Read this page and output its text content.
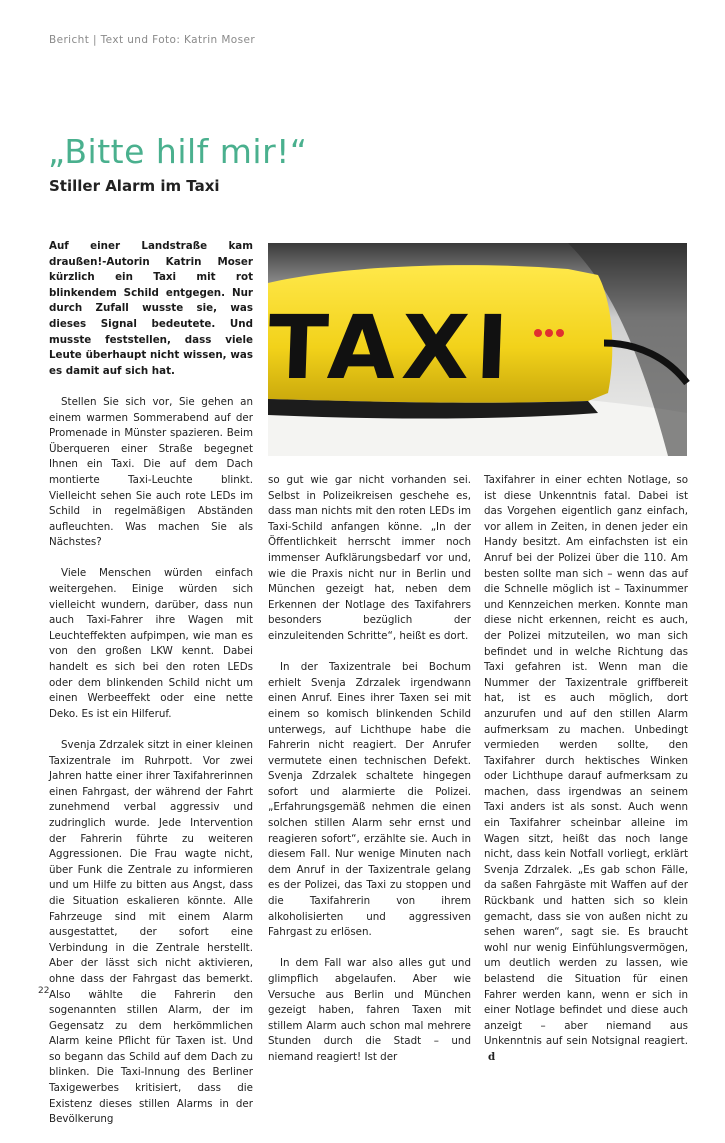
Bericht | Text und Foto: Katrin Moser
„Bitte hilf mir!“
Stiller Alarm im Taxi

Auf einer Landstraße kam draußen!-Autorin Katrin Moser kürzlich ein Taxi mit rot blinkendem Schild entgegen. Nur durch Zufall wusste sie, was dieses Signal bedeutete. Und musste feststellen, dass viele Leute überhaupt nicht wissen, was es damit auf sich hat.

Stellen Sie sich vor, Sie gehen an einem warmen Sommerabend auf der Promenade in Münster spazieren. Beim Überqueren einer Straße begegnet Ihnen ein Taxi. Die auf dem Dach montierte Taxi-Leuchte blinkt. Vielleicht sehen Sie auch rote LEDs im Schild in regelmäßigen Abständen aufleuchten. Was machen Sie als Nächstes?

Viele Menschen würden einfach weitergehen. Einige würden sich vielleicht wundern, darüber, dass nun auch Taxi-Fahrer ihre Wagen mit Leuchteffekten aufpimpen, wie man es von den großen LKW kennt. Dabei handelt es sich bei den roten LEDs oder dem blinkenden Schild nicht um einen Werbeeffekt oder eine nette Deko. Es ist ein Hilferuf.

Svenja Zdrzalek sitzt in einer kleinen Taxizentrale im Ruhrpott. Vor zwei Jahren hatte einer ihrer Taxifahrerinnen einen Fahrgast, der während der Fahrt zunehmend verbal aggressiv und zudringlich wurde. Jede Intervention der Fahrerin führte zu weiteren Aggressionen. Die Frau wagte nicht, über Funk die Zentrale zu informieren und um Hilfe zu bitten aus Angst, dass die Situation eskalieren könnte. Alle Fahrzeuge sind mit einem Alarm ausgestattet, der sofort eine Verbindung in die Zentrale herstellt. Aber der lässt sich nicht aktivieren, ohne dass der Fahrgast das bemerkt. Also wählte die Fahrerin den sogenannten stillen Alarm, der im Gegensatz zu dem herkömmlichen Alarm keine Pflicht für Taxen ist. Und so begann das Schild auf dem Dach zu blinken. Die Taxi-Innung des Berliner Taxigewerbes kritisiert, dass die Existenz dieses stillen Alarms in der Bevölkerung

TAXI

so gut wie gar nicht vorhanden sei. Selbst in Polizeikreisen geschehe es, dass man nichts mit den roten LEDs im Taxi-Schild anfangen könne. „In der Öffentlichkeit herrscht immer noch immenser Aufklärungsbedarf vor und, wie die Praxis nicht nur in Berlin und München gezeigt hat, neben dem Erkennen der Notlage des Taxifahrers besonders bezüglich der einzuleitenden Schritte“, heißt es dort.

In der Taxizentrale bei Bochum erhielt Svenja Zdrzalek irgendwann einen Anruf. Eines ihrer Taxen sei mit einem so komisch blinkenden Schild unterwegs, auf Lichthupe habe die Fahrerin nicht reagiert. Der Anrufer vermutete einen technischen Defekt. Svenja Zdrzalek schaltete hingegen sofort und alarmierte die Polizei. „Erfahrungsgemäß nehmen die einen solchen stillen Alarm sehr ernst und reagieren sofort“, erzählte sie. Auch in diesem Fall. Nur wenige Minuten nach dem Anruf in der Taxizentrale gelang es der Polizei, das Taxi zu stoppen und die Taxifahrerin von ihrem alkoholisierten und aggressiven Fahrgast zu erlösen.

In dem Fall war also alles gut und glimpflich abgelaufen. Aber wie Versuche aus Berlin und München gezeigt haben, fahren Taxen mit stillem Alarm auch schon mal mehrere Stunden durch die Stadt – und niemand reagiert! Ist der

Taxifahrer in einer echten Notlage, so ist diese Unkenntnis fatal. Dabei ist das Vorgehen eigentlich ganz einfach, vor allem in Zeiten, in denen jeder ein Handy besitzt. Am einfachsten ist ein Anruf bei der Polizei über die 110. Am besten sollte man sich – wenn das auf die Schnelle möglich ist – Taxinummer und Kennzeichen merken. Konnte man diese nicht erkennen, reicht es auch, der Polizei mitzuteilen, wo man sich befindet und in welche Richtung das Taxi gefahren ist. Wenn man die Nummer der Taxizentrale griffbereit hat, ist es auch möglich, dort anzurufen und auf den stillen Alarm aufmerksam zu machen. Unbedingt vermieden werden sollte, den Taxifahrer durch hektisches Winken oder Lichthupe darauf aufmerksam zu machen, dass irgendwas an seinem Taxi anders ist als sonst. Auch wenn ein Taxifahrer scheinbar alleine im Wagen sitzt, heißt das noch lange nicht, dass kein Notfall vorliegt, erklärt Svenja Zdrzalek. „Es gab schon Fälle, da saßen Fahrgäste mit Waffen auf der Rückbank und hatten sich so klein gemacht, dass sie von außen nicht zu sehen waren“, sagt sie. Es braucht wohl nur wenig Einfühlungsvermögen, um deutlich werden zu lassen, wie belastend die Situation für einen Fahrer werden kann, wenn er sich in einer Notlage befindet und diese auch anzeigt – aber niemand aus Unkenntnis auf sein Notsignal reagiert.d

22
